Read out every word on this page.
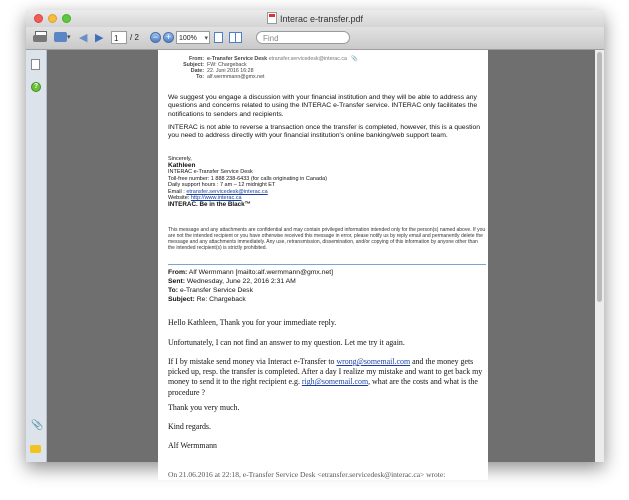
Interac e-transfer.pdf
▾
◀ ▶	1	/ 2	− +	100% ▾	Find
?
📎
From: e-Transfer Service Desk etransfer.servicedesk@interac.ca 📎
Subject: FW: Chargeback
Date: 22. Juni 2016 16:28
To: alf.wermmann@gmx.net
We suggest you engage a discussion with your financial institution and they will be able to address any questions and concerns related to using the INTERAC e-Transfer service. INTERAC only facilitates the notifications to senders and recipients.
INTERAC is not able to reverse a transaction once the transfer is completed, however, this is a question you need to address directly with your financial institution's online banking/web support team.
Sincerely,
Kathleen
INTERAC e-Transfer Service Desk
Toll-free number: 1 888 238-6433 (for calls originating in Canada)
Daily support hours : 7 am – 12 midnight ET
Email : etransfer.servicedesk@interac.ca
Website: http://www.interac.ca
INTERAC. Be in the Black™
This message and any attachments are confidential and may contain privileged information intended only for the person(s) named above. If you are not the intended recipient or you have otherwise received this message in error, please notify us by reply email and permanently delete the message and any attachments immediately. Any use, retransmission, dissemination, and/or copying of this information by anyone other than the intended recipient(s) is strictly prohibited.
From: Alf Wermmann [mailto:alf.wermmann@gmx.net]
Sent: Wednesday, June 22, 2016 2:31 AM
To: e-Transfer Service Desk
Subject: Re: Chargeback
Hello Kathleen, Thank you for your immediate reply.
Unfortunately, I can not find an answer to my question. Let me try it again.
If I by mistake send money via Interact e-Transfer to wrong@somemail.com and the money gets picked up, resp. the transfer is completed. After a day I realize my mistake and want to get back my money to send it to the right recipient e.g. righ@somemail.com, what are the costs and what is the procedure ?
Thank you very much.
Kind regards.
Alf Wermmann
On 21.06.2016 at 22:18, e-Transfer Service Desk <etransfer.servicedesk@interac.ca> wrote:
